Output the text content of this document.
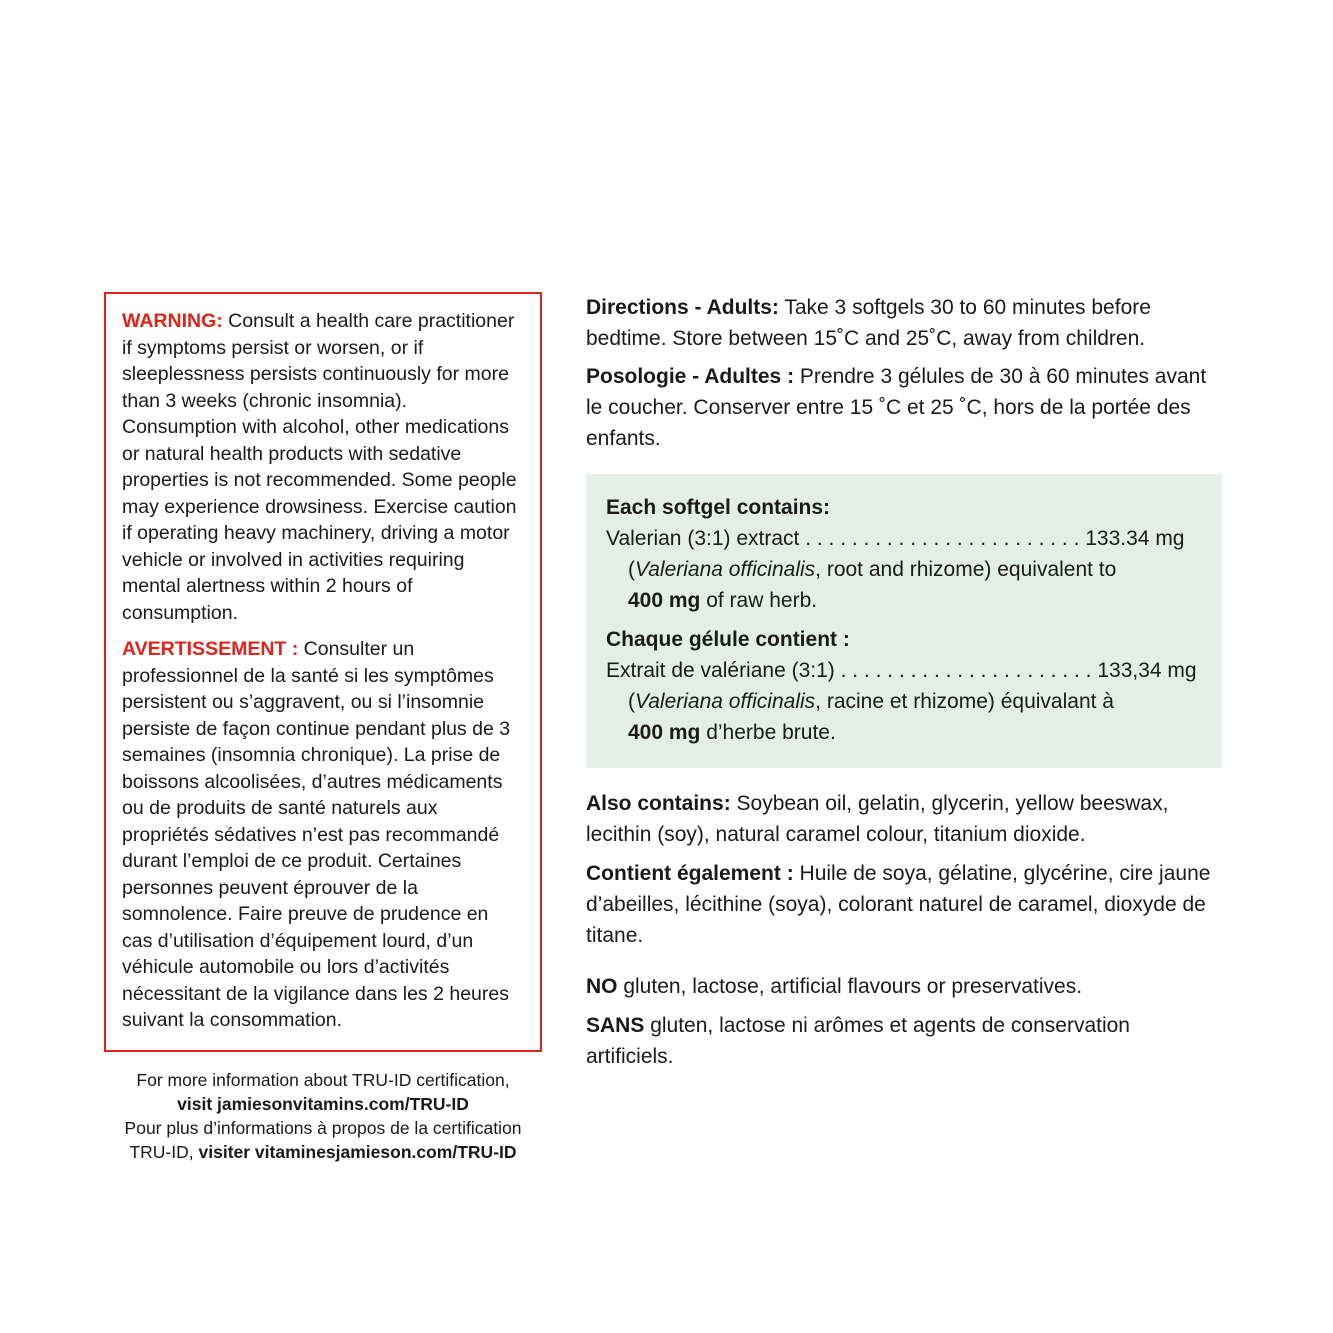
WARNING: Consult a health care practitioner if symptoms persist or worsen, or if sleeplessness persists continuously for more than 3 weeks (chronic insomnia). Consumption with alcohol, other medications or natural health products with sedative properties is not recommended. Some people may experience drowsiness. Exercise caution if operating heavy machinery, driving a motor vehicle or involved in activities requiring mental alertness within 2 hours of consumption.

AVERTISSEMENT : Consulter un professionnel de la santé si les symptômes persistent ou s’aggravent, ou si l’insomnie persiste de façon continue pendant plus de 3 semaines (insomnia chronique). La prise de boissons alcoolisées, d’autres médicaments ou de produits de santé naturels aux propriétés sédatives n’est pas recommandé durant l’emploi de ce produit. Certaines personnes peuvent éprouver de la somnolence. Faire preuve de prudence en cas d’utilisation d’équipement lourd, d’un véhicule automobile ou lors d’activités nécessitant de la vigilance dans les 2 heures suivant la consommation.

For more information about TRU-ID certification,
visit jamiesonvitamins.com/TRU-ID
Pour plus d’informations à propos de la certification
TRU-ID, visiter vitaminesjamieson.com/TRU-ID

Directions - Adults: Take 3 softgels 30 to 60 minutes before bedtime. Store between 15˚C and 25˚C, away from children.

Posologie - Adultes : Prendre 3 gélules de 30 à 60 minutes avant le coucher. Conserver entre 15 ˚C et 25 ˚C, hors de la portée des enfants.

Each softgel contains:

Valerian (3:1) extract . . . . . . . . . . . . . . . . . . . . . . . . 133.34 mg

(Valeriana officinalis, root and rhizome) equivalent to

400 mg of raw herb.

Chaque gélule contient :

Extrait de valériane (3:1) . . . . . . . . . . . . . . . . . . . . . . 133,34 mg

(Valeriana officinalis, racine et rhizome) équivalant à

400 mg d’herbe brute.

Also contains: Soybean oil, gelatin, glycerin, yellow beeswax, lecithin (soy), natural caramel colour, titanium dioxide.

Contient également : Huile de soya, gélatine, glycérine, cire jaune d’abeilles, lécithine (soya), colorant naturel de caramel, dioxyde de titane.

NO gluten, lactose, artificial flavours or preservatives.

SANS gluten, lactose ni arômes et agents de conservation artificiels.
